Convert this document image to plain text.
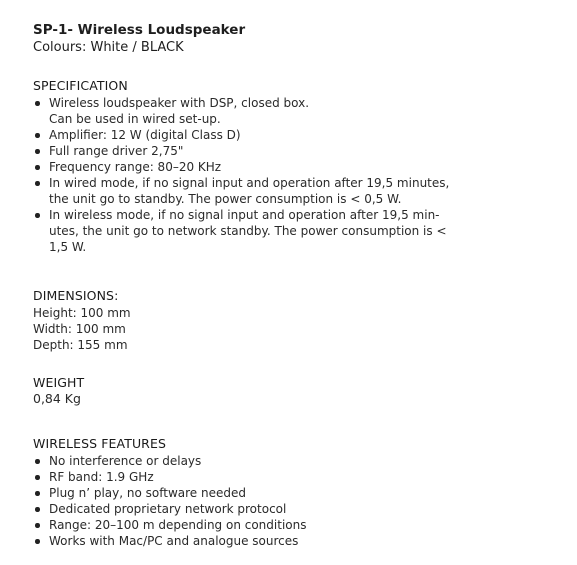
SP-1- Wireless Loudspeaker
Colours: White / BLACK
SPECIFICATION
Wireless loudspeaker with DSP, closed box.
Can be used in wired set-up.
Amplifier: 12 W (digital Class D)
Full range driver 2,75"
Frequency range: 80–20 KHz
In wired mode, if no signal input and operation after 19,5 minutes,
the unit go to standby. The power consumption is < 0,5 W.
In wireless mode, if no signal input and operation after 19,5 min-
utes, the unit go to network standby. The power consumption is <
1,5 W.
DIMENSIONS:
Height: 100 mm
Width: 100 mm
Depth: 155 mm
WEIGHT
0,84 Kg
WIRELESS FEATURES
No interference or delays
RF band: 1.9 GHz
Plug n’ play, no software needed
Dedicated proprietary network protocol
Range: 20–100 m depending on conditions
Works with Mac/PC and analogue sources
